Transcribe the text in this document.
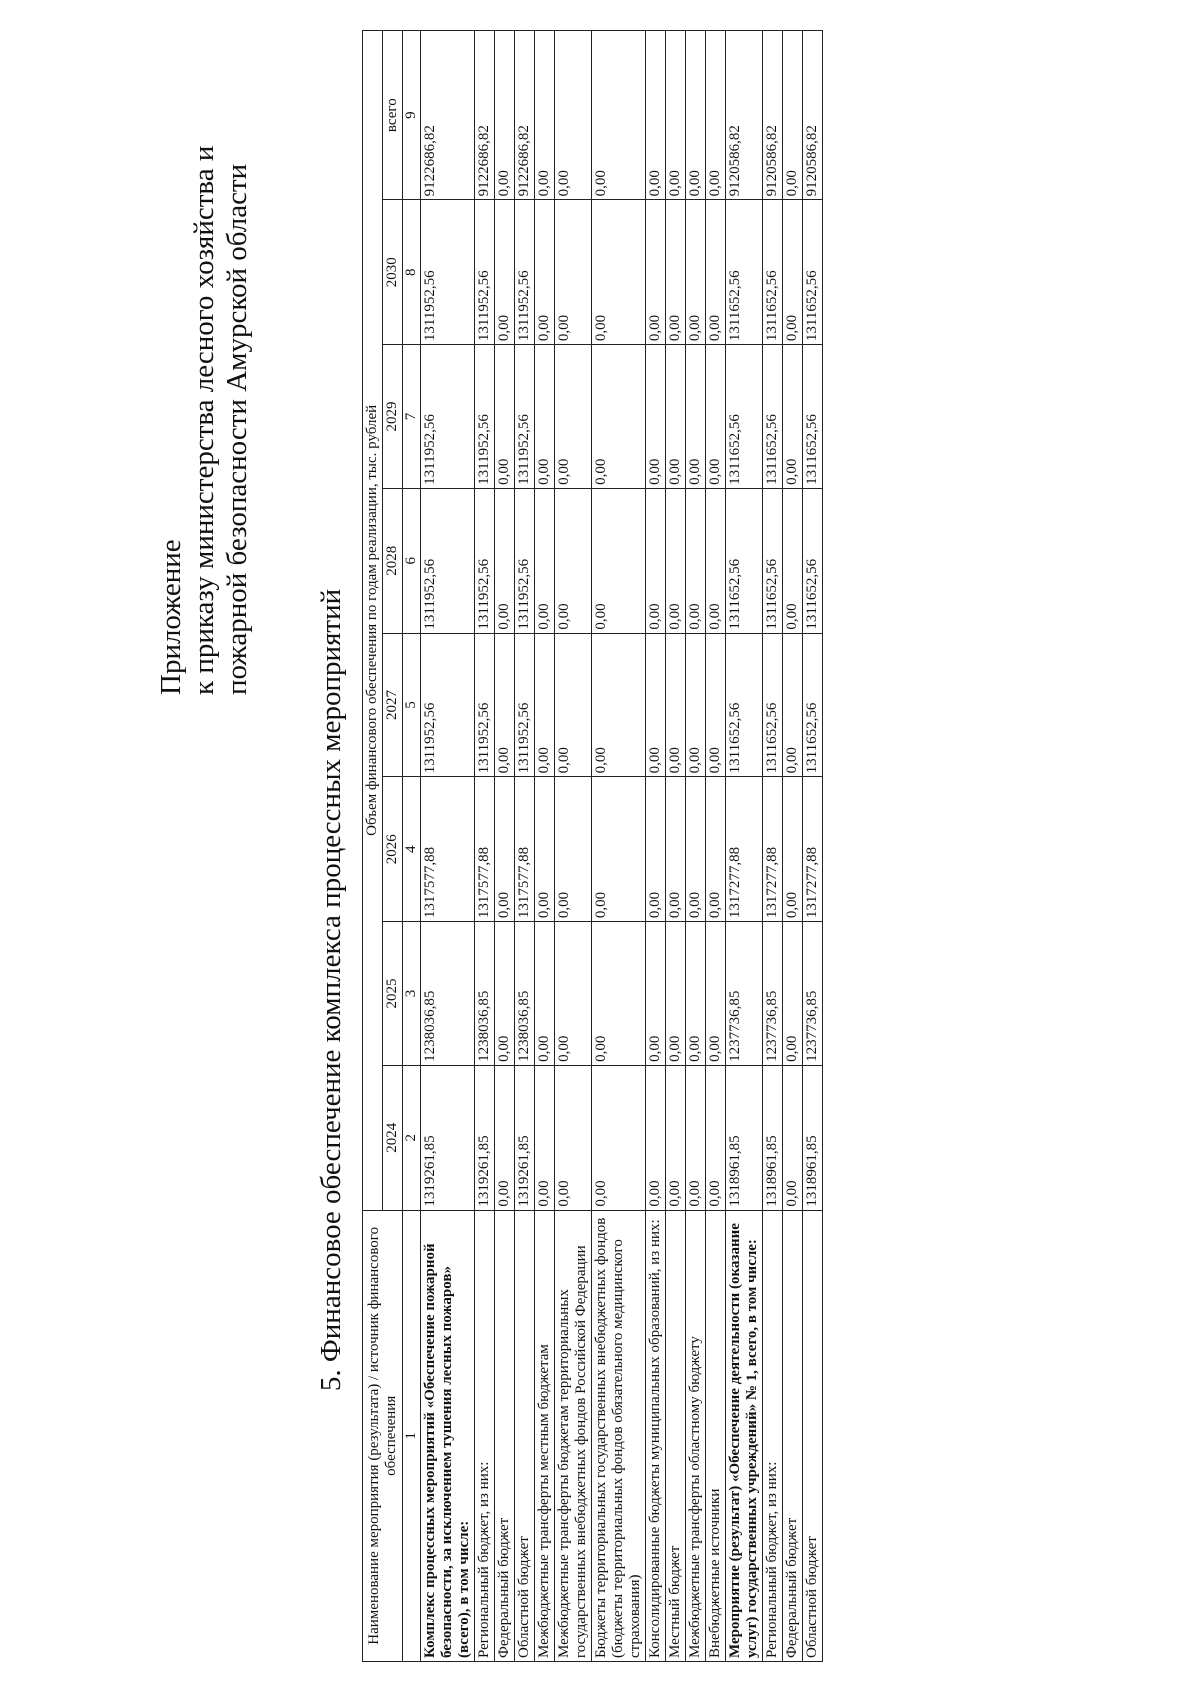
Приложение к приказу министерства лесного хозяйства и пожарной безопасности Амурской области
5. Финансовое обеспечение комплекса процессных мероприятий
Наименование мероприятия (результата) / источник финансового обеспечения	Объем финансового обеспечения по годам реализации, тыс. рублей							
	2024	2025	2026	2027	2028	2029	2030	всего
1	2	3	4	5	6	7	8	9
Комплекс процессных мероприятий «Обеспечение пожарной безопасности, за исключением тушения лесных пожаров» (всего), в том числе:	1319261,85	1238036,85	1317577,88	1311952,56	1311952,56	1311952,56	1311952,56	9122686,82
Региональный бюджет, из них:	1319261,85	1238036,85	1317577,88	1311952,56	1311952,56	1311952,56	1311952,56	9122686,82
Федеральный бюджет	0,00	0,00	0,00	0,00	0,00	0,00	0,00	0,00
Областной бюджет	1319261,85	1238036,85	1317577,88	1311952,56	1311952,56	1311952,56	1311952,56	9122686,82
Межбюджетные трансферты местным бюджетам	0,00	0,00	0,00	0,00	0,00	0,00	0,00	0,00
Межбюджетные трансферты бюджетам территориальных государственных внебюджетных фондов Российской Федерации	0,00	0,00	0,00	0,00	0,00	0,00	0,00	0,00
Бюджеты территориальных государственных внебюджетных фондов (бюджеты территориальных фондов обязательного медицинского страхования)	0,00	0,00	0,00	0,00	0,00	0,00	0,00	0,00
Консолидированные бюджеты муниципальных образований, из них:	0,00	0,00	0,00	0,00	0,00	0,00	0,00	0,00
Местный бюджет	0,00	0,00	0,00	0,00	0,00	0,00	0,00	0,00
Межбюджетные трансферты областному бюджету	0,00	0,00	0,00	0,00	0,00	0,00	0,00	0,00
Внебюджетные источники	0,00	0,00	0,00	0,00	0,00	0,00	0,00	0,00
Мероприятие (результат) «Обеспечение деятельности (оказание услуг) государственных учреждений» № 1, всего, в том числе:	1318961,85	1237736,85	1317277,88	1311652,56	1311652,56	1311652,56	1311652,56	9120586,82
Региональный бюджет, из них:	1318961,85	1237736,85	1317277,88	1311652,56	1311652,56	1311652,56	1311652,56	9120586,82
Федеральный бюджет	0,00	0,00	0,00	0,00	0,00	0,00	0,00	0,00
Областной бюджет	1318961,85	1237736,85	1317277,88	1311652,56	1311652,56	1311652,56	1311652,56	9120586,82
